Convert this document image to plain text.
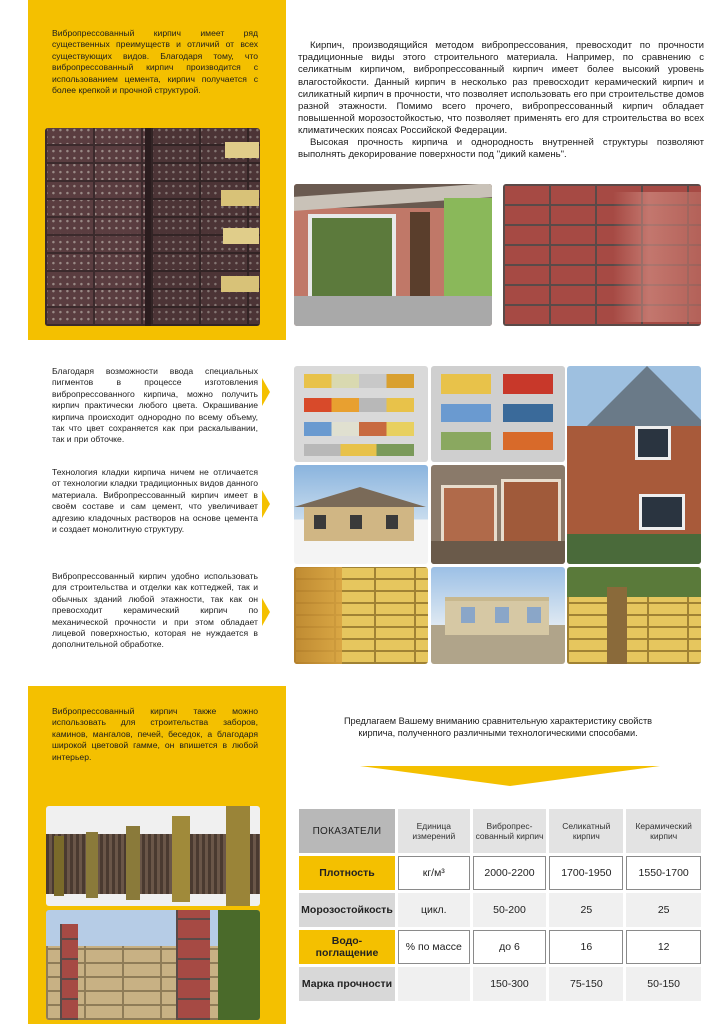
Вибропрессованный кирпич имеет ряд существенных преимуществ и отличий от всех существующих видов. Благодаря тому, что вибропрессованный кирпич производится с использованием цемента, кирпич получается с более крепкой и прочной структурой.

Кирпич, производящийся методом вибропрессования, превосходит по прочности традиционные виды этого строительного материала. Например, по сравнению с селикатным кирпичом, вибропрессованный кирпич имеет более высокий уровень влагостойкости. Данный кирпич в несколько раз превосходит керамический кирпич и силикатный кирпич в прочности, что позволяет использовать его при строительстве домов разной этажности. Помимо всего прочего, вибропрессованный кирпич обладает повышенной морозостойкостью, что позволяет применять его для строительства во всех климатических поясах Российской Федерации.

Высокая прочность кирпича и однородность внутренней структуры позволяют выполнять декорирование поверхности под "дикий камень".

Благодаря возможности ввода специальных пигментов в процессе изготовления вибропрессованного кирпича, можно получить кирпич практически любого цвета. Окрашивание кирпича происходит однородно по всему объему, так что цвет сохраняется как при раскалывании, так и при обточке.

Технология кладки кирпича ничем не отличается от технологии кладки традиционных видов данного материала. Вибропрессованный кирпич имеет в своём составе и сам цемент, что увеличивает адгезию кладочных растворов на основе цемента и создает монолитную структуру.

Вибропрессованный кирпич удобно использовать для строительства и отделки как коттеджей, так и обычных зданий любой этажности, так как он превосходит керамический кирпич по механической прочности и при этом обладает лицевой поверхностью, которая не нуждается в дополнительной обработке.

Вибропрессованный кирпич также можно использовать для строительства заборов, каминов, мангалов, печей, беседок, а благодаря широкой цветовой гамме, он впишется в любой интерьер.

Предлагаем Вашему вниманию сравнительную характеристику свойств кирпича, полученного различными технологическими способами.

ПОКАЗАТЕЛИ	Единица измерений	Вибропрес-сованный кирпич	Селикатный кирпич	Керамический кирпич
Плотность	кг/м³	2000-2200	1700-1950	1550-1700
Морозостойкость	цикл.	50-200	25	25
Водо-поглащение	% по массе	до 6	16	12
Марка прочности		150-300	75-150	50-150
